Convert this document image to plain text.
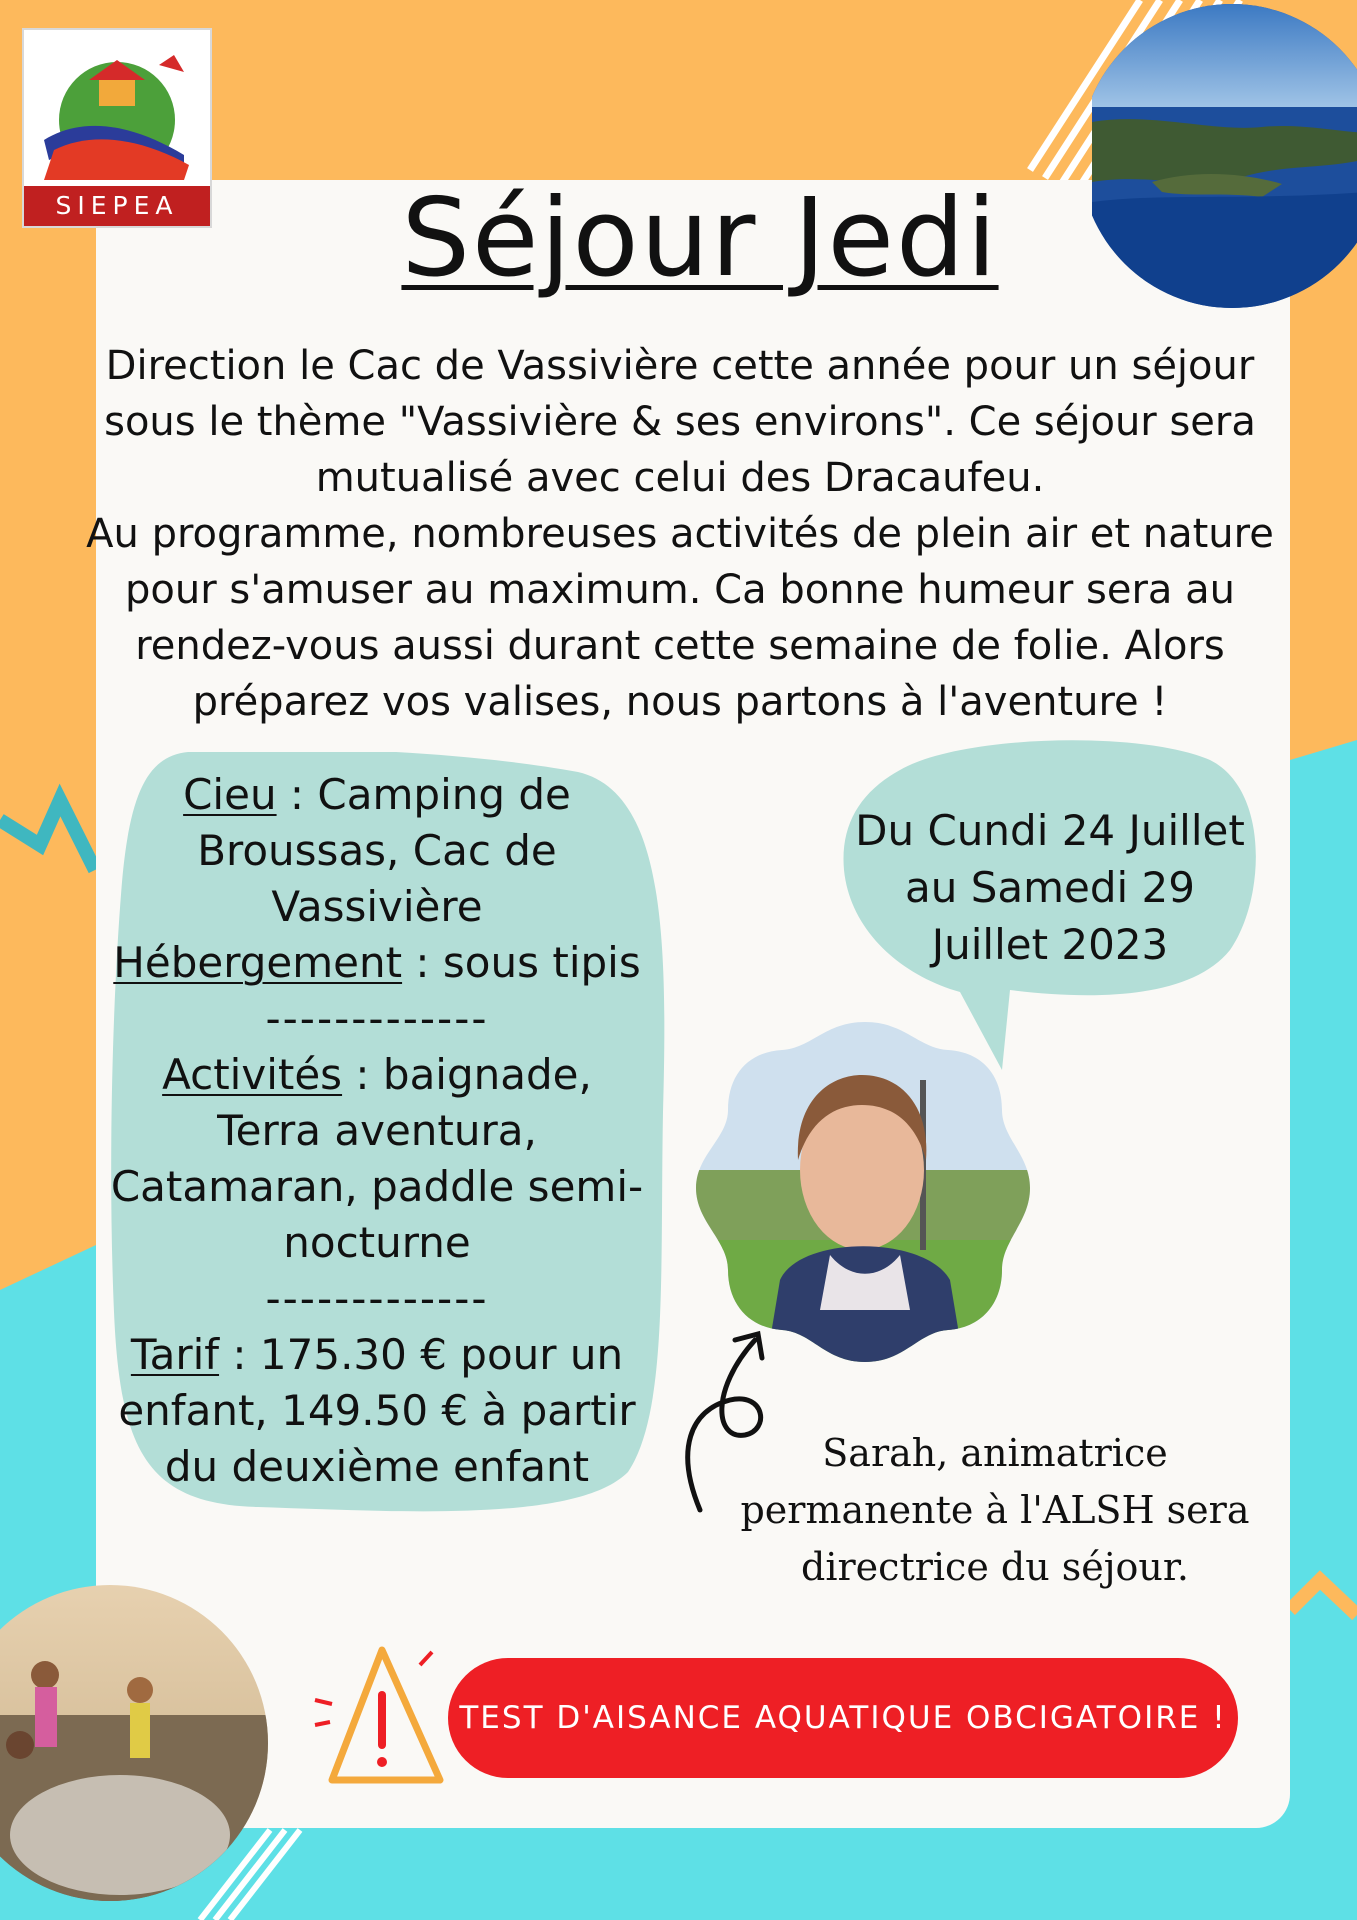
SIEPEA	Séjour Jedi

Direction le Cac de Vassivière cette année pour un séjour sous le thème "Vassivière & ses environs". Ce séjour sera mutualisé avec celui des Dracaufeu.

Au programme, nombreuses activités de plein air et nature pour s'amuser au maximum. Ca bonne humeur sera au rendez-vous aussi durant cette semaine de folie. Alors préparez vos valises, nous partons à l'aventure !

Cieu : Camping de Broussas, Cac de Vassivière
Hébergement : sous tipis
-------------
Activités : baignade, Terra aventura, Catamaran, paddle semi-nocturne
-------------
Tarif : 175.30 € pour un enfant, 149.50 € à partir du deuxième enfant
Du Cundi 24 Juillet au Samedi 29 Juillet 2023
Sarah, animatrice permanente à l'ALSH sera directrice du séjour.
TEST D'AISANCE AQUATIQUE OBCIGATOIRE !
